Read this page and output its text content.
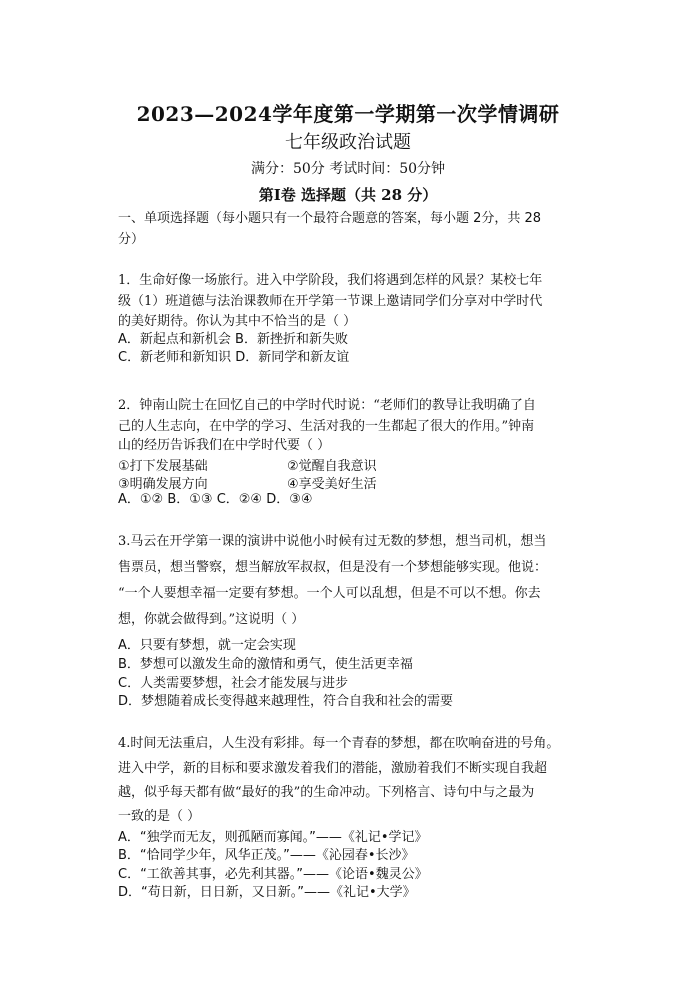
2023—2024学年度第一学期第一次学情调研
七年级政治试题
满分：50分 考试时间：50分钟
第Ⅰ卷 选择题（共 28 分）
一、单项选择题（每小题只有一个最符合题意的答案，每小题 2分，共 28
分）
1．生命好像一场旅行。进入中学阶段，我们将遇到怎样的风景？某校七年
级（1）班道德与法治课教师在开学第一节课上邀请同学们分享对中学时代
的美好期待。你认为其中不恰当的是（ ）
A．新起点和新机会 B．新挫折和新失败
C．新老师和新知识 D．新同学和新友谊
2．钟南山院士在回忆自己的中学时代时说：“老师们的教导让我明确了自
己的人生志向，在中学的学习、生活对我的一生都起了很大的作用。”钟南
山的经历告诉我们在中学时代要（ ）
①打下发展基础	②觉醒自我意识
③明确发展方向	④享受美好生活
A．①② B．①③ C．②④ D．③④
3.马云在开学第一课的演讲中说他小时候有过无数的梦想，想当司机，想当
售票员，想当警察，想当解放军叔叔，但是没有一个梦想能够实现。他说：
“一个人要想幸福一定要有梦想。一个人可以乱想，但是不可以不想。你去
想，你就会做得到。”这说明（ ）
A．只要有梦想，就一定会实现
B．梦想可以激发生命的激情和勇气，使生活更幸福
C．人类需要梦想，社会才能发展与进步
D．梦想随着成长变得越来越理性，符合自我和社会的需要
4.时间无法重启，人生没有彩排。每一个青春的梦想，都在吹响奋进的号角。
进入中学，新的目标和要求激发着我们的潜能，激励着我们不断实现自我超
越，似乎每天都有做“最好的我”的生命冲动。下列格言、诗句中与之最为
一致的是（ ）
A．“独学而无友，则孤陋而寡闻。”——《礼记•学记》
B．“恰同学少年，风华正茂。”——《沁园春•长沙》
C．“工欲善其事，必先利其器。”——《论语•魏灵公》
D．“苟日新，日日新，又日新。”——《礼记•大学》
